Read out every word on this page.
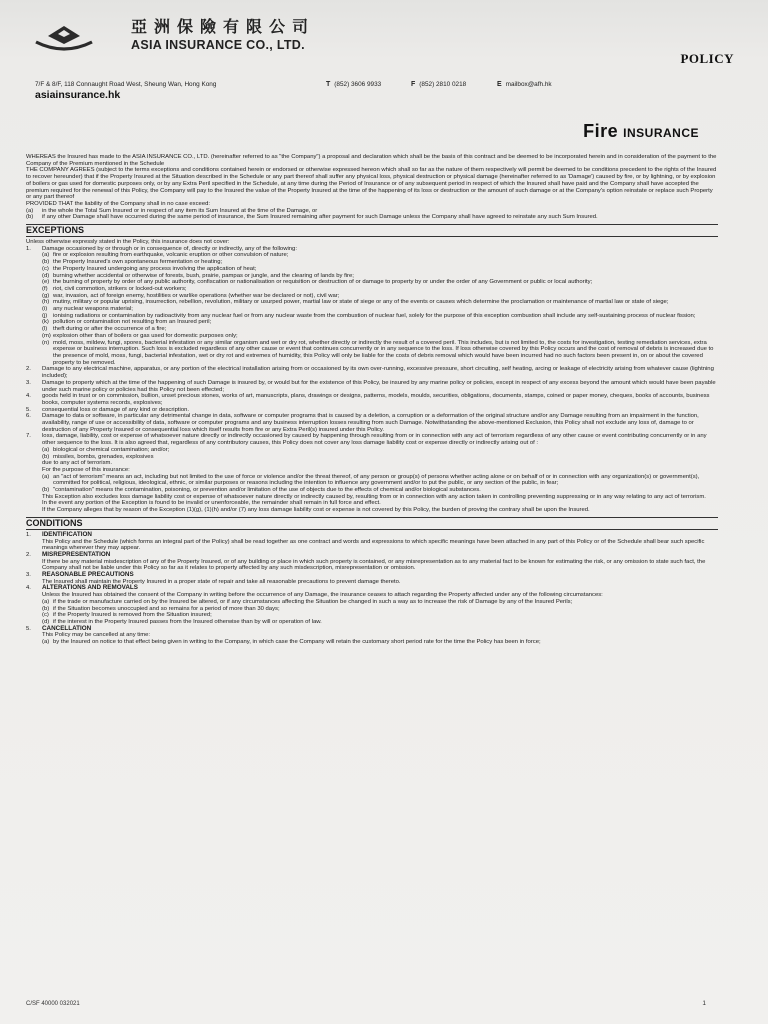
亞洲保險有限公司
ASIA INSURANCE CO., LTD.
POLICY
7/F & 8/F, 118 Connaught Road West, Sheung Wan, Hong Kong	T (852) 3606 9933	F (852) 2810 0218	E mailbox@afh.hk
asiainsurance.hk
Fire INSURANCE

WHEREAS the Insured has made to the ASIA INSURANCE CO., LTD. (hereinafter referred to as "the Company") a proposal and declaration which shall be the basis of this contract and be deemed to be incorporated herein and in consideration of the payment to the Company of the Premium mentioned in the Schedule

THE COMPANY AGREES (subject to the terms exceptions and conditions contained herein or endorsed or otherwise expressed hereon which shall so far as the nature of them respectively will permit be deemed to be conditions precedent to the rights of the Insured to recover hereunder) that if the Property Insured at the Situation described in the Schedule or any part thereof shall suffer any physical loss, physical destruction or physical damage (hereinafter referred to as 'Damage') caused by fire, or by lightning, or by explosion of boilers or gas used for domestic purposes only, or by any Extra Peril specified in the Schedule, at any time during the Period of Insurance or of any subsequent period in respect of which the Insured shall have paid and the Company shall have accepted the premium required for the renewal of this Policy, the Company will pay to the Insured the value of the Property Insured at the time of the happening of its loss or destruction or the amount of such damage or at the Company's option reinstate or replace such Property or any part thereof

PROVIDED THAT the liability of the Company shall in no case exceed:

(a)	in the whole the Total Sum Insured or in respect of any item its Sum Insured at the time of the Damage, or
(b)	if any other Damage shall have occurred during the same period of insurance, the Sum Insured remaining after payment for such Damage unless the Company shall have agreed to reinstate any such Sum Insured.
EXCEPTIONS

Unless otherwise expressly stated in the Policy, this insurance does not cover:

1.	Damage occasioned by or through or in consequence of, directly or indirectly, any of the following:
(a) fire or explosion resulting from earthquake, volcanic eruption or other convulsion of nature;
(b) the Property Insured's own spontaneous fermentation or heating;
(c) the Property Insured undergoing any process involving the application of heat;
(d) burning whether accidental or otherwise of forests, bush, prairie, pampas or jungle, and the clearing of lands by fire;
(e) the burning of property by order of any public authority, confiscation or nationalisation or requisition or destruction of or damage to property by or under the order of any Government or public or local authority;
(f) riot, civil commotion, strikers or locked-out workers;
(g) war, invasion, act of foreign enemy, hostilities or warlike operations (whether war be declared or not), civil war;
(h) mutiny, military or popular uprising, insurrection, rebellion, revolution, military or usurped power, martial law or state of siege or any of the events or causes which determine the proclamation or maintenance of martial law or state of siege;
(i) any nuclear weapons material;
(j) ionising radiations or contamination by radioactivity from any nuclear fuel or from any nuclear waste from the combustion of nuclear fuel, solely for the purpose of this exception combustion shall include any self-sustaining process of nuclear fission;
(k) pollution or contamination not resulting from an Insured peril;
(l) theft during or after the occurrence of a fire;
(m) explosion other than of boilers or gas used for domestic purposes only;
(n) mold, moss, mildew, fungi, spores, bacterial infestation or any similar organism and wet or dry rot, whether directly or indirectly the result of a covered peril. This includes, but is not limited to, the costs for investigation, testing remediation services, extra expense or business interruption. Such loss is excluded regardless of any other cause or event that continues concurrently or in any sequence to the loss. If loss otherwise covered by this Policy occurs and the cost of removal of debris is increased due to the presence of mold, moss, fungi, bacterial infestation, wet or dry rot and extremes of humidity, this Policy will only be liable for the costs of debris removal which would have been incurred had no such factors been present in, on or about the covered property to be removed.
2.	Damage to any electrical machine, apparatus, or any portion of the electrical installation arising from or occasioned by its own over-running, excessive pressure, short circuiting, self heating, arcing or leakage of electricity arising from whatever cause (lightning included);
3.	Damage to property which at the time of the happening of such Damage is insured by, or would but for the existence of this Policy, be insured by any marine policy or policies, except in respect of any excess beyond the amount which would have been payable under such marine policy or policies had this Policy not been effected;
4.	goods held in trust or on commission, bullion, unset precious stones, works of art, manuscripts, plans, drawings or designs, patterns, models, moulds, securities, obligations, documents, stamps, coined or paper money, cheques, books of accounts, business books, computer systems records, explosives;
5.	consequential loss or damage of any kind or description.
6.	Damage to data or software, in particular any detrimental change in data, software or computer programs that is caused by a deletion, a corruption or a deformation of the original structure and/or any Damage resulting from an impairment in the function, availability, range of use or accessibility of data, software or computer programs and any business interruption losses resulting from such Damage. Notwithstanding the above-mentioned Exclusion, this Policy shall not exclude any loss of, damage to or destruction of any Property Insured or consequential loss which itself results from fire or any Extra Peril(s) insured under this Policy.
7.	loss, damage, liability, cost or expense of whatsoever nature directly or indirectly occasioned by caused by happening through resulting from or in connection with any act of terrorism regardless of any other cause or event contributing concurrently or in any other sequence to the loss. It is also agreed that, regardless of any contributory causes, this Policy does not cover any loss damage liability cost or expense directly or indirectly arising out of :
(a) biological or chemical contamination; and/or;
(b) missiles, bombs, grenades, explosives

due to any act of terrorism.

For the purpose of this insurance:

(a) an "act of terrorism" means an act, including but not limited to the use of force or violence and/or the threat thereof, of any person or group(s) of persons whether acting alone or on behalf of or in connection with any organization(s) or government(s), committed for political, religious, ideological, ethnic, or similar purposes or reasons including the intention to influence any government and/or to put the public, or any section of the public, in fear;
(b) "contamination" means the contamination, poisoning, or prevention and/or limitation of the use of objects due to the effects of chemical and/or biological substances.

This Exception also excludes loss damage liability cost or expense of whatsoever nature directly or indirectly caused by, resulting from or in connection with any action taken in controlling preventing suppressing or in any way relating to any act of terrorism.

In the event any portion of the Exception is found to be invalid or unenforceable, the remainder shall remain in full force and effect.

If the Company alleges that by reason of the Exception (1)(g), (1)(h) and/or (7) any loss damage liability cost or expense is not covered by this Policy, the burden of proving the contrary shall be upon the Insured.

CONDITIONS
1.	IDENTIFICATION

This Policy and the Schedule (which forms an integral part of the Policy) shall be read together as one contract and words and expressions to which specific meanings have been attached in any part of this Policy or of the Schedule shall bear such specific meanings wherever they may appear.

2.	MISREPRESENTATION

If there be any material misdescription of any of the Property Insured, or of any building or place in which such property is contained, or any misrepresentation as to any material fact to be known for estimating the risk, or any omission to state such fact, the Company shall not be liable under this Policy so far as it relates to property affected by any such misdescription, misrepresentation or omission.

3.	REASONABLE PRECAUTIONS

The Insured shall maintain the Property Insured in a proper state of repair and take all reasonable precautions to prevent damage thereto.

4.	ALTERATIONS AND REMOVALS

Unless the Insured has obtained the consent of the Company in writing before the occurrence of any Damage, the insurance ceases to attach regarding the Property affected under any of the following circumstances:

(a) if the trade or manufacture carried on by the Insured be altered, or if any circumstances affecting the Situation be changed in such a way as to increase the risk of Damage by any of the Insured Perils;
(b) if the Situation becomes unoccupied and so remains for a period of more than 30 days;
(c) if the Property Insured is removed from the Situation insured;
(d) if the interest in the Property Insured passes from the Insured otherwise than by will or operation of law.
5.	CANCELLATION

This Policy may be cancelled at any time:

(a) by the Insured on notice to that effect being given in writing to the Company, in which case the Company will retain the customary short period rate for the time the Policy has been in force;
C/SF 40000 032021	1
